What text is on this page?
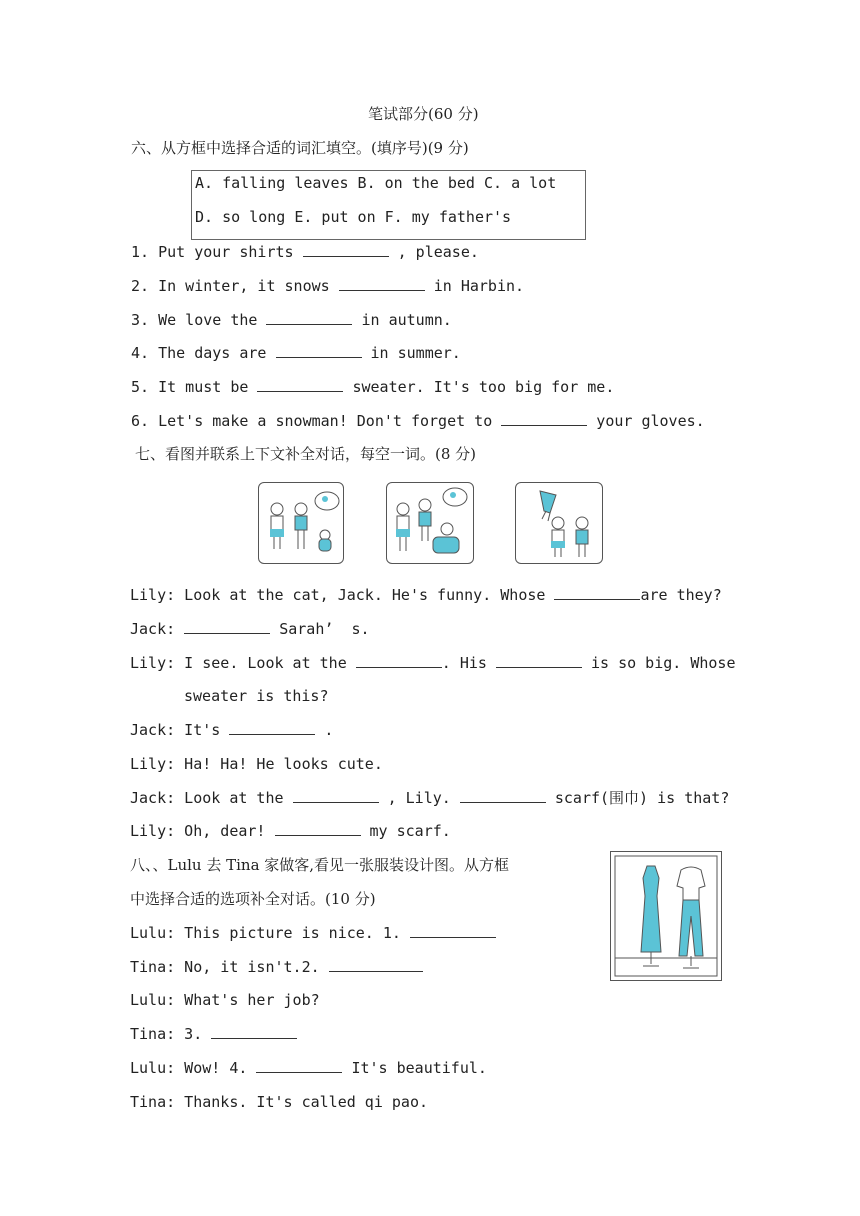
笔试部分(60 分)
六、从方框中选择合适的词汇填空。(填序号)(9 分)
A. falling leaves B. on the bed C. a lot
D. so long E. put on F. my father's
1. Put your shirts	, please.
2. In winter, it snows	in Harbin.
3. We love the	in autumn.
4. The days are	in summer.
5. It must be	sweater. It's too big for me.
6. Let's make a snowman! Don't forget to	your gloves.
七、看图并联系上下文补全对话，每空一词。(8 分)
Lily: Look at the cat, Jack. He's funny. Whose	are they?
Jack:	Sarah’  s.
Lily: I see. Look at the	. His	is so big. Whose
sweater is this?
Jack: It's	.
Lily: Ha! Ha! He looks cute.
Jack: Look at the	, Lily.	scarf(围巾) is that?
Lily: Oh, dear!	my scarf.
八、、Lulu 去 Tina 家做客,看见一张服装设计图。从方框
中选择合适的选项补全对话。(10 分)
Lulu: This picture is nice. 1.
Tina: No, it isn't.2.
Lulu: What's her job?
Tina: 3.
Lulu: Wow! 4.	It's beautiful.
Tina: Thanks. It's called qi pao.
